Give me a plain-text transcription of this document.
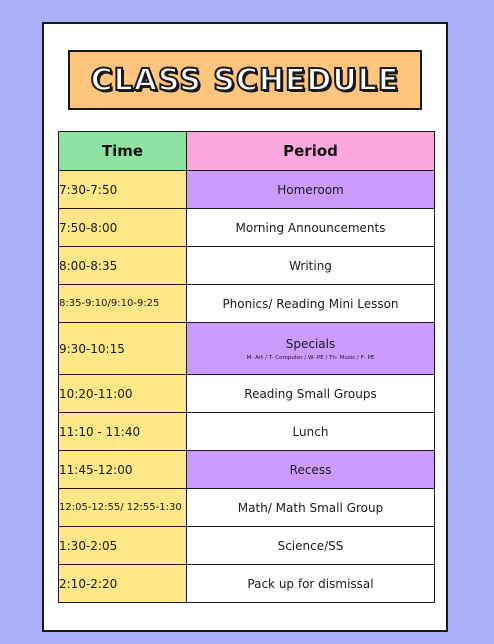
CLASS SCHEDULE
Time	Period
7:30-7:50	Homeroom
7:50-8:00	Morning Announcements
8:00-8:35	Writing
8:35-9:10/9:10-9:25	Phonics/ Reading Mini Lesson
9:30-10:15	Specials
M- Art / T- Computer / W- PE / Th- Music / F- PE

10:20-11:00	Reading Small Groups
11:10 - 11:40	Lunch
11:45-12:00	Recess
12:05-12:55/ 12:55-1:30	Math/ Math Small Group
1:30-2:05	Science/SS
2:10-2:20	Pack up for dismissal
